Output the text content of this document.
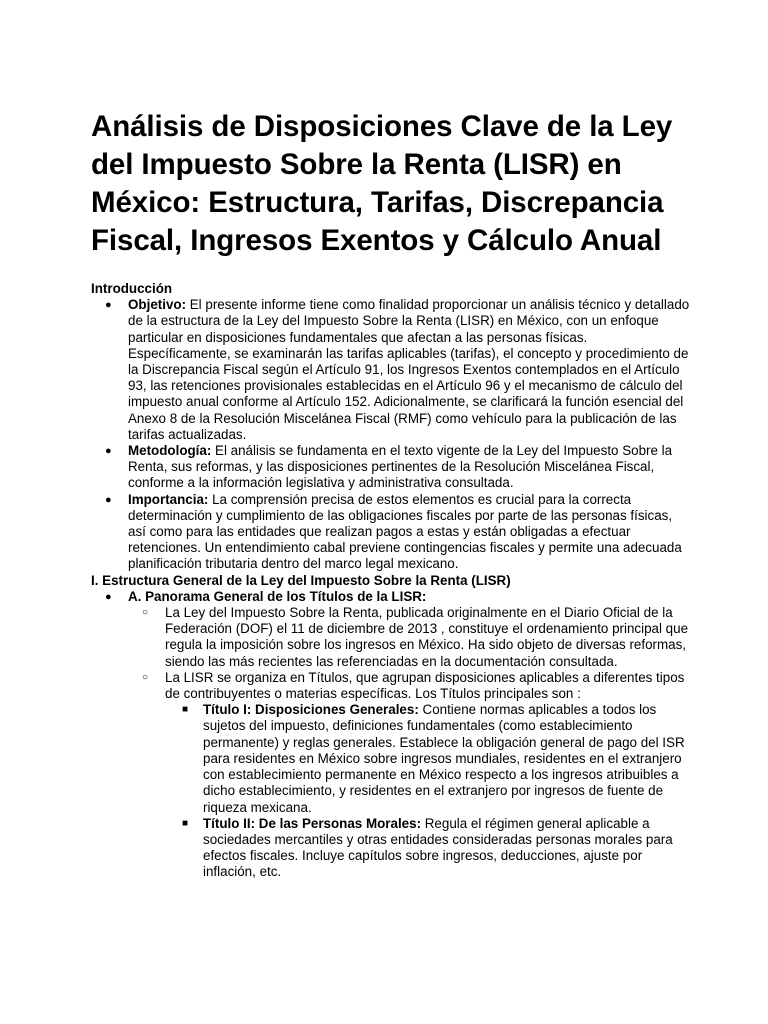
Análisis de Disposiciones Clave de la Ley del Impuesto Sobre la Renta (LISR) en México: Estructura, Tarifas, Discrepancia Fiscal, Ingresos Exentos y Cálculo Anual

Introducción

● Objetivo: El presente informe tiene como finalidad proporcionar un análisis técnico y detallado de la estructura de la Ley del Impuesto Sobre la Renta (LISR) en México, con un enfoque particular en disposiciones fundamentales que afectan a las personas físicas. Específicamente, se examinarán las tarifas aplicables (tarifas), el concepto y procedimiento de la Discrepancia Fiscal según el Artículo 91, los Ingresos Exentos contemplados en el Artículo 93, las retenciones provisionales establecidas en el Artículo 96 y el mecanismo de cálculo del impuesto anual conforme al Artículo 152. Adicionalmente, se clarificará la función esencial del Anexo 8 de la Resolución Miscelánea Fiscal (RMF) como vehículo para la publicación de las tarifas actualizadas.
● Metodología: El análisis se fundamenta en el texto vigente de la Ley del Impuesto Sobre la Renta, sus reformas, y las disposiciones pertinentes de la Resolución Miscelánea Fiscal, conforme a la información legislativa y administrativa consultada.
● Importancia: La comprensión precisa de estos elementos es crucial para la correcta determinación y cumplimiento de las obligaciones fiscales por parte de las personas físicas, así como para las entidades que realizan pagos a estas y están obligadas a efectuar retenciones. Un entendimiento cabal previene contingencias fiscales y permite una adecuada planificación tributaria dentro del marco legal mexicano.

I. Estructura General de la Ley del Impuesto Sobre la Renta (LISR)

● A. Panorama General de los Títulos de la LISR:
○ La Ley del Impuesto Sobre la Renta, publicada originalmente en el Diario Oficial de la Federación (DOF) el 11 de diciembre de 2013 , constituye el ordenamiento principal que regula la imposición sobre los ingresos en México. Ha sido objeto de diversas reformas, siendo las más recientes las referenciadas en la documentación consultada.
○ La LISR se organiza en Títulos, que agrupan disposiciones aplicables a diferentes tipos de contribuyentes o materias específicas. Los Títulos principales son :
■ Título I: Disposiciones Generales: Contiene normas aplicables a todos los sujetos del impuesto, definiciones fundamentales (como establecimiento permanente) y reglas generales. Establece la obligación general de pago del ISR para residentes en México sobre ingresos mundiales, residentes en el extranjero con establecimiento permanente en México respecto a los ingresos atribuibles a dicho establecimiento, y residentes en el extranjero por ingresos de fuente de riqueza mexicana.
■ Título II: De las Personas Morales: Regula el régimen general aplicable a sociedades mercantiles y otras entidades consideradas personas morales para efectos fiscales. Incluye capítulos sobre ingresos, deducciones, ajuste por inflación, etc.
